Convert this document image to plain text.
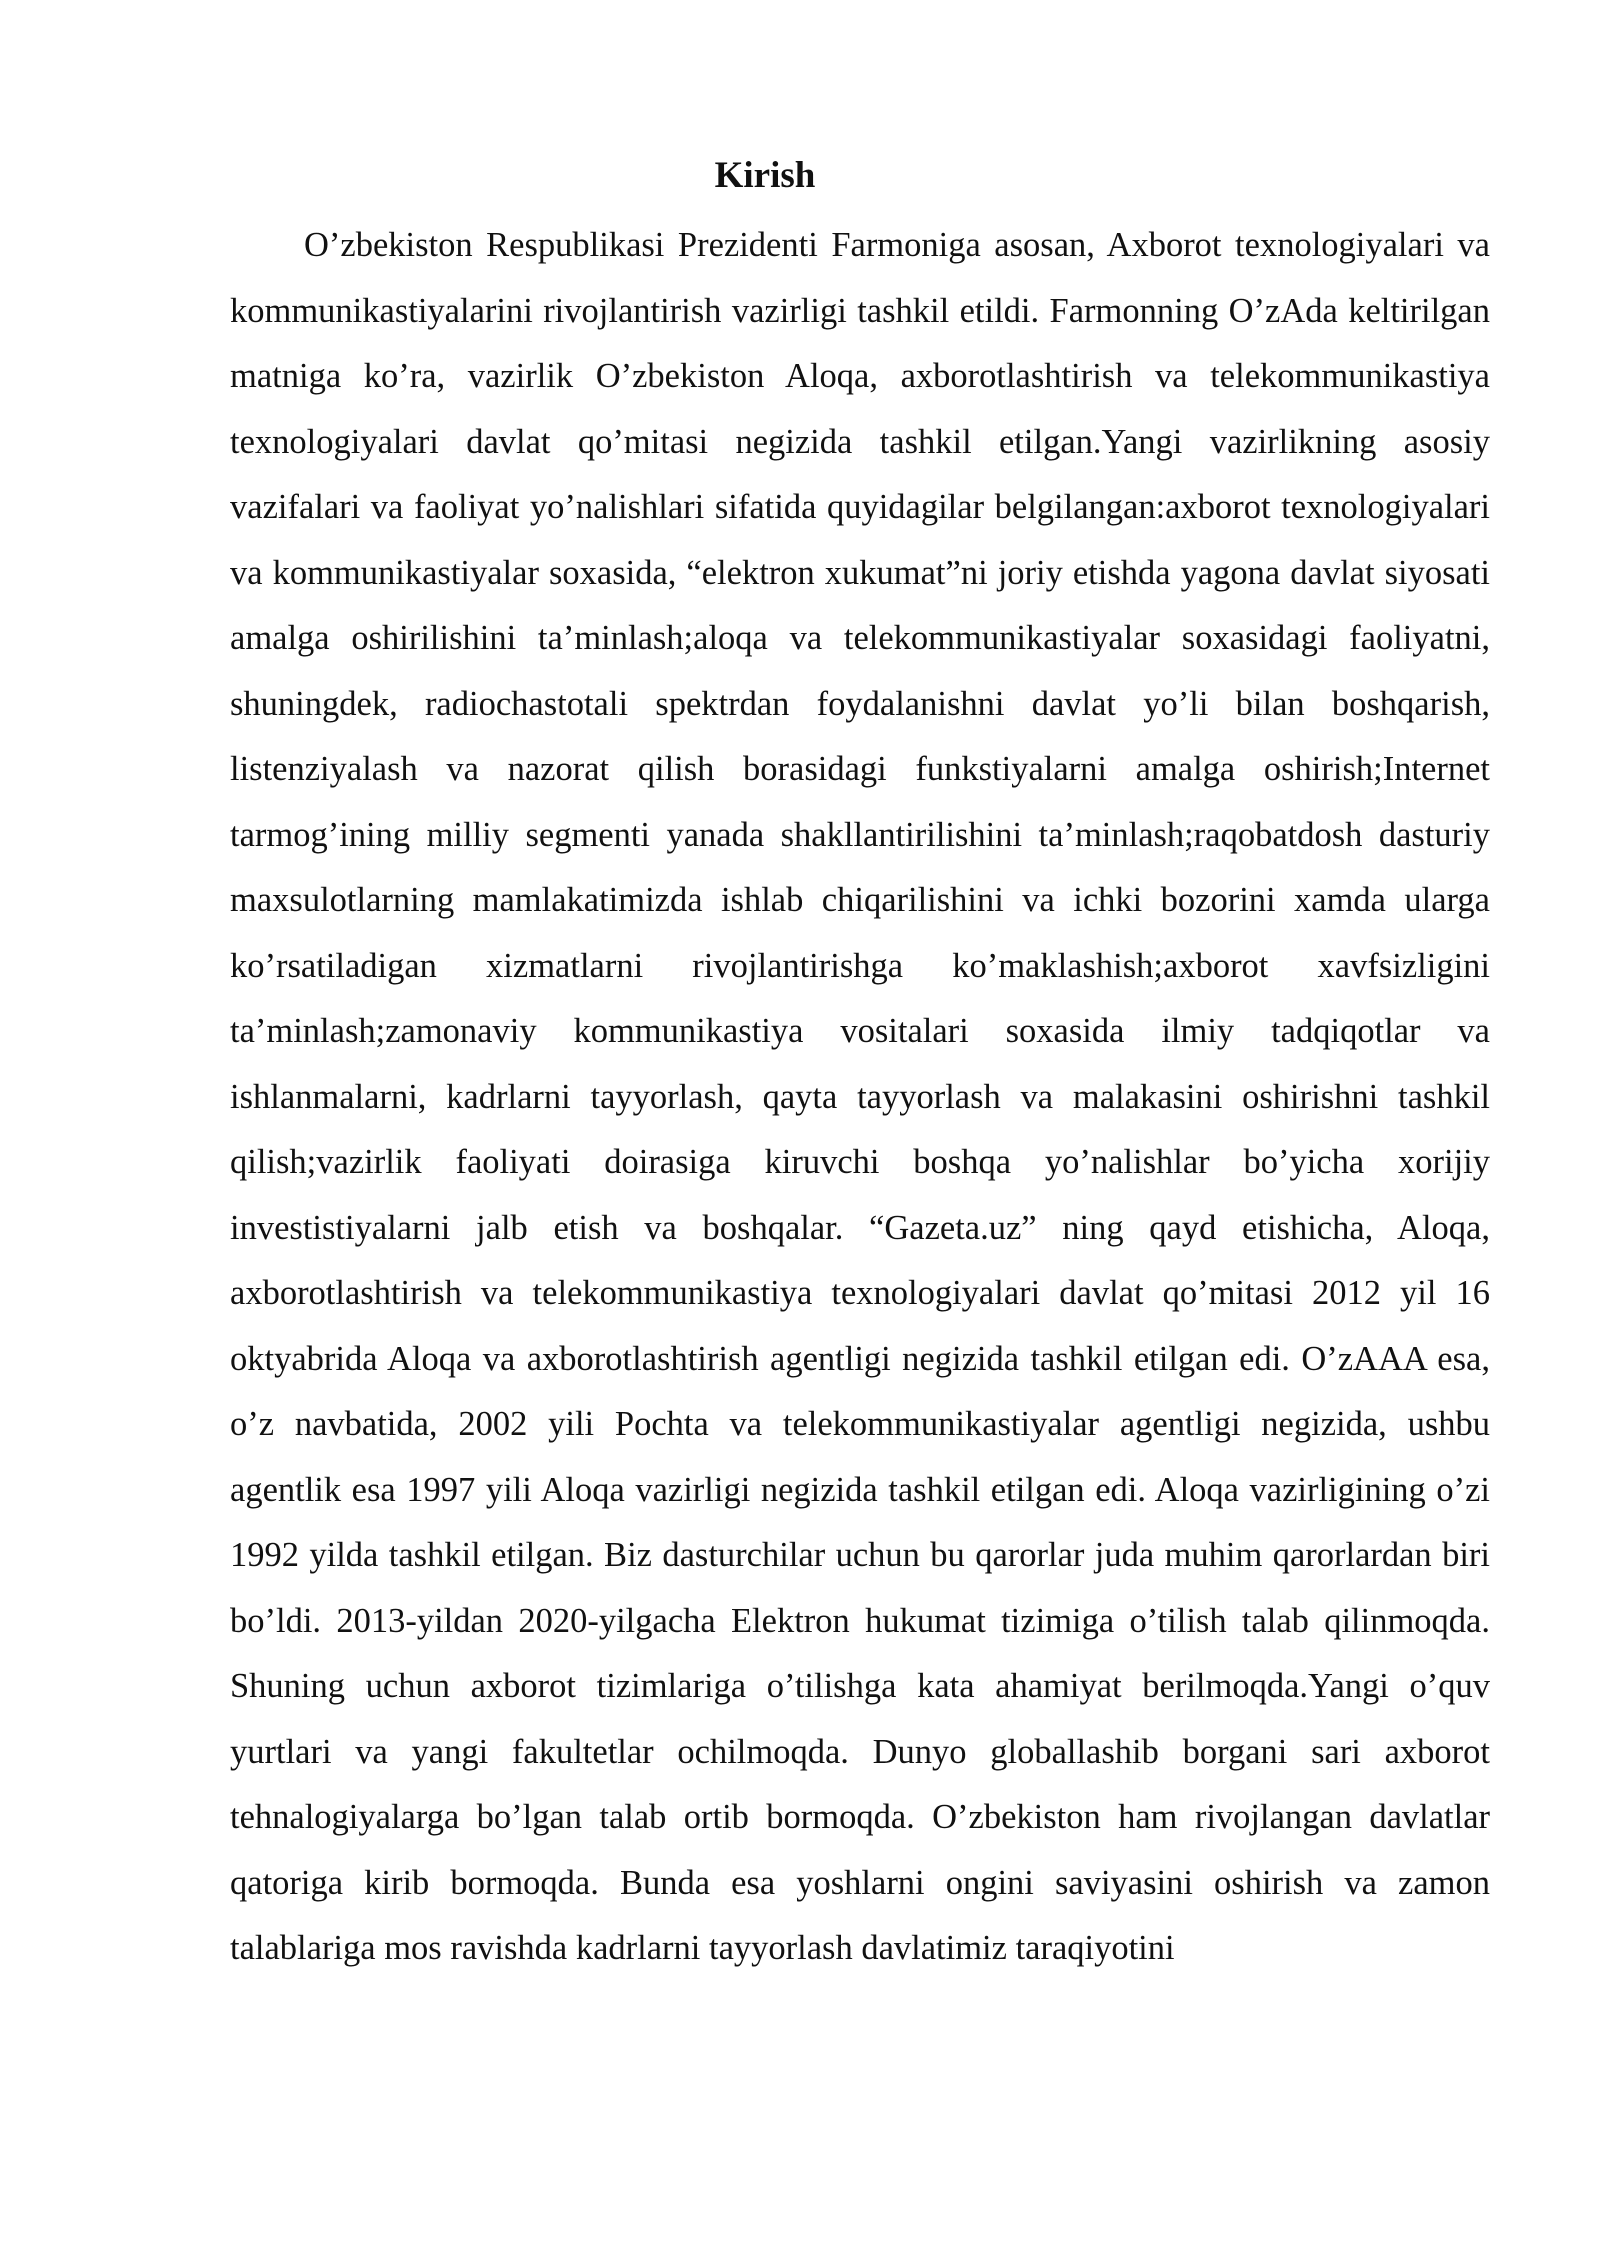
Kirish

O’zbekiston Respublikasi Prezidenti Farmoniga asosan, Axborot texnologiyalari va kommunikastiyalarini rivojlantirish vazirligi tashkil etildi. Farmonning O’zAda keltirilgan matniga ko’ra, vazirlik O’zbekiston Aloqa, axborotlashtirish va telekommunikastiya texnologiyalari davlat qo’mitasi negizida tashkil etilgan.Yangi vazirlikning asosiy vazifalari va faoliyat yo’nalishlari sifatida quyidagilar belgilangan:axborot texnologiyalari va kommunikastiyalar soxasida, “elektron xukumat”ni joriy etishda yagona davlat siyosati amalga oshirilishini ta’minlash;aloqa va telekommunikastiyalar soxasidagi faoliyatni, shuningdek, radiochastotali spektrdan foydalanishni davlat yo’li bilan boshqarish, listenziyalash va nazorat qilish borasidagi funkstiyalarni amalga oshirish;Internet tarmog’ining milliy segmenti yanada shakllantirilishini ta’minlash;raqobatdosh dasturiy maxsulotlarning mamlakatimizda ishlab chiqarilishini va ichki bozorini xamda ularga ko’rsatiladigan xizmatlarni rivojlantirishga ko’maklashish;axborot xavfsizligini ta’minlash;zamonaviy kommunikastiya vositalari soxasida ilmiy tadqiqotlar va ishlanmalarni, kadrlarni tayyorlash, qayta tayyorlash va malakasini oshirishni tashkil qilish;vazirlik faoliyati doirasiga kiruvchi boshqa yo’nalishlar bo’yicha xorijiy investistiyalarni jalb etish va boshqalar. “Gazeta.uz” ning qayd etishicha, Aloqa, axborotlashtirish va telekommunikastiya texnologiyalari davlat qo’mitasi 2012 yil 16 oktyabrida Aloqa va axborotlashtirish agentligi negizida tashkil etilgan edi. O’zAAA esa, o’z navbatida, 2002 yili Pochta va telekommunikastiyalar agentligi negizida, ushbu agentlik esa 1997 yili Aloqa vazirligi negizida tashkil etilgan edi. Aloqa vazirligining o’zi 1992 yilda tashkil etilgan. Biz dasturchilar uchun bu qarorlar juda muhim qarorlardan biri bo’ldi. 2013-yildan 2020-yilgacha Elektron hukumat tizimiga o’tilish talab qilinmoqda. Shuning uchun axborot tizimlariga o’tilishga kata ahamiyat berilmoqda.Yangi o’quv yurtlari va yangi fakultetlar ochilmoqda. Dunyo globallashib borgani sari axborot tehnalogiyalarga bo’lgan talab ortib bormoqda. O’zbekiston ham rivojlangan davlatlar qatoriga kirib bormoqda. Bunda esa yoshlarni ongini saviyasini oshirish va zamon talablariga mos ravishda kadrlarni tayyorlash davlatimiz taraqiyotini
